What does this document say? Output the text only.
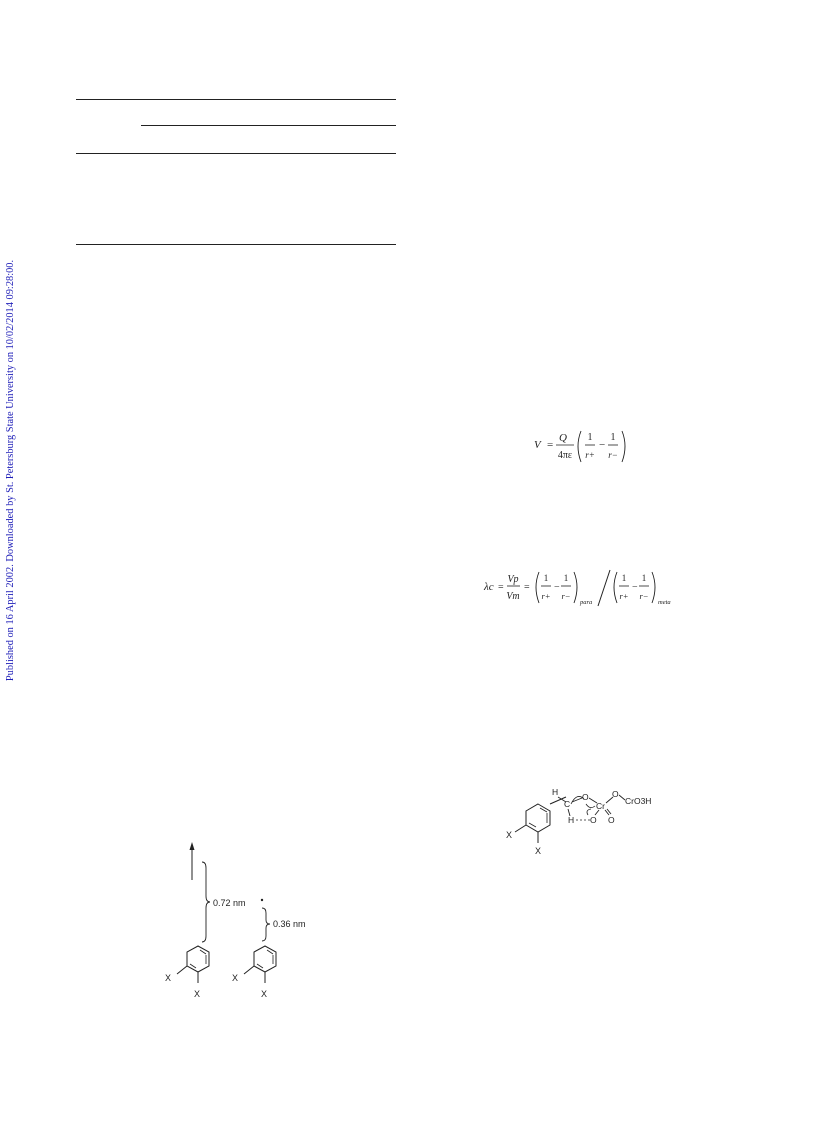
Published on 16 April 2002. Downloaded by St. Petersburg State University on 10/02/2014 09:28:00.	V =
Q
4πε
1
r+
−
1
r−
λc =
Vp
Vm
=
1
r+
−
1
r−
para
1
r+
−
1
r−
meta
X
X
H
C
O
Cr
O
CrO3H
H O O
0.72 nm
0.36 nm
X
X
X
X
